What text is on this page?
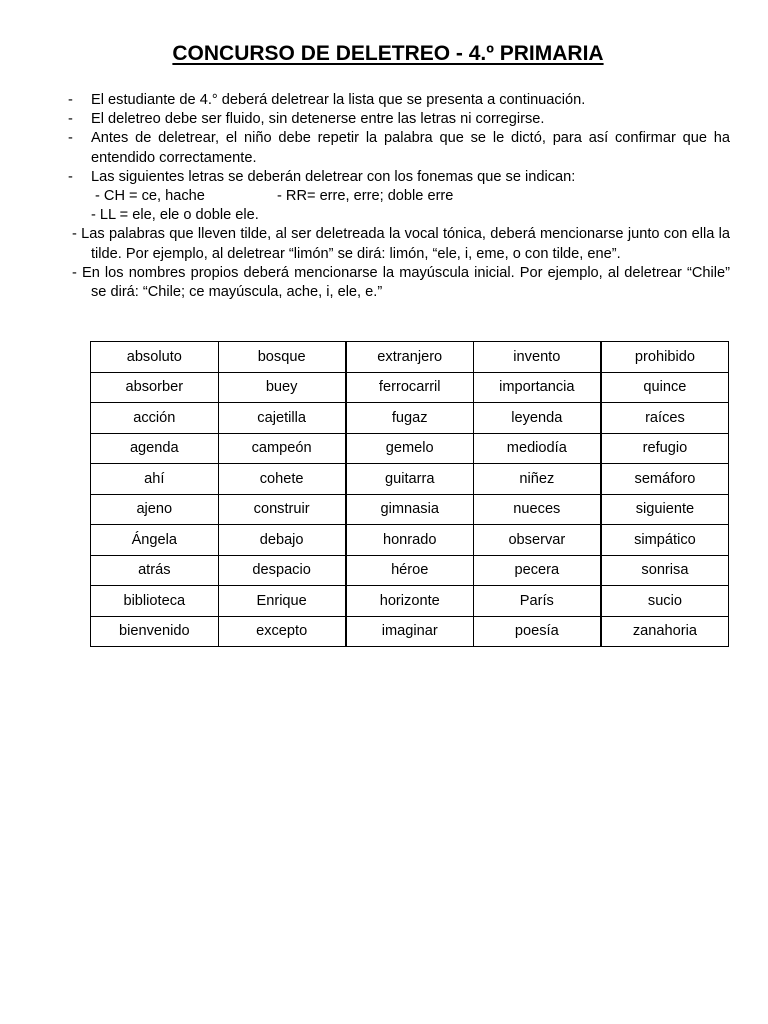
CONCURSO DE DELETREO - 4.º PRIMARIA
- El estudiante de 4.° deberá deletrear la lista que se presenta a continuación.
- El deletreo debe ser fluido, sin detenerse entre las letras ni corregirse.
- Antes de deletrear, el niño debe repetir la palabra que se le dictó, para así confirmar que ha entendido correctamente.
- Las siguientes letras se deberán deletrear con los fonemas que se indican:
- CH = ce, hache	- RR= erre, erre; doble erre
- LL = ele, ele o doble ele.
- Las palabras que lleven tilde, al ser deletreada la vocal tónica, deberá mencionarse junto con ella la tilde. Por ejemplo, al deletrear “limón” se dirá: limón, “ele, i, eme, o con tilde, ene”.
- En los nombres propios deberá mencionarse la mayúscula inicial. Por ejemplo, al deletrear “Chile” se dirá: “Chile; ce mayúscula, ache, i, ele, e.”
absoluto	bosque	extranjero	invento	prohibido
absorber	buey	ferrocarril	importancia	quince
acción	cajetilla	fugaz	leyenda	raíces
agenda	campeón	gemelo	mediodía	refugio
ahí	cohete	guitarra	niñez	semáforo
ajeno	construir	gimnasia	nueces	siguiente
Ángela	debajo	honrado	observar	simpático
atrás	despacio	héroe	pecera	sonrisa
biblioteca	Enrique	horizonte	París	sucio
bienvenido	excepto	imaginar	poesía	zanahoria
